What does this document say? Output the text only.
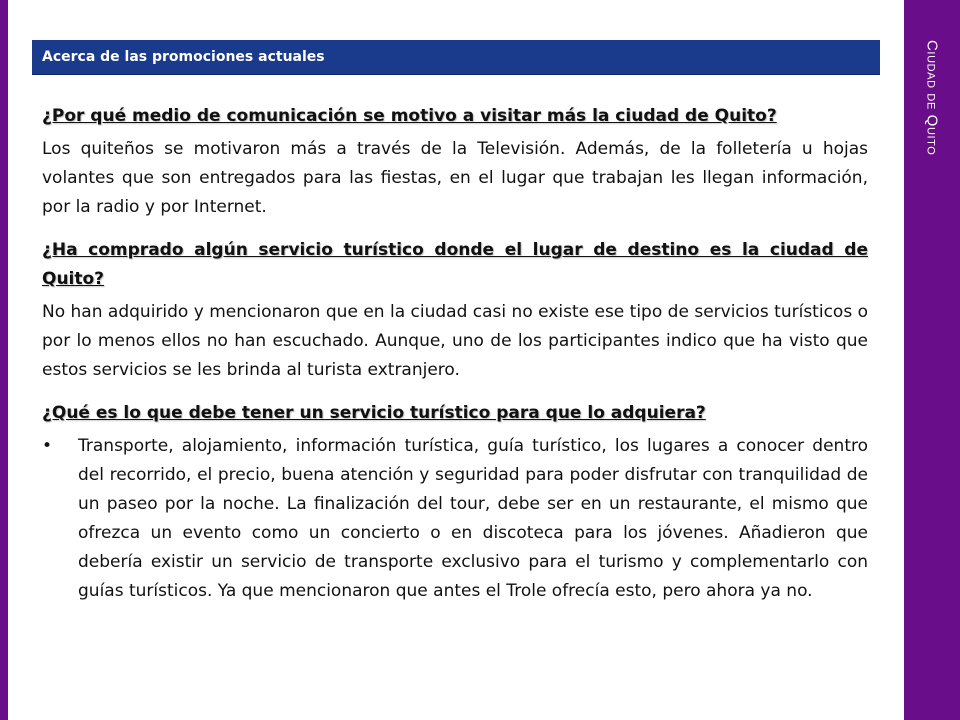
Ciudad de Quito
Acerca de las promociones actuales

¿Por qué medio de comunicación se motivo a visitar más la ciudad de Quito?

Los quiteños se motivaron más a través de la Televisión. Además, de la folletería u hojas volantes que son entregados para las fiestas, en el lugar que trabajan les llegan información, por la radio y por Internet.

¿Ha comprado algún servicio turístico donde el lugar de destino es la ciudad de Quito?

No han adquirido y mencionaron que en la ciudad casi no existe ese tipo de servicios turísticos o por lo menos ellos no han escuchado. Aunque, uno de los participantes indico que ha visto que estos servicios se les brinda al turista extranjero.

¿Qué es lo que debe tener un servicio turístico para que lo adquiera?

•	Transporte, alojamiento, información turística, guía turístico, los lugares a conocer dentro del recorrido, el precio, buena atención y seguridad para poder disfrutar con tranquilidad de un paseo por la noche. La finalización del tour, debe ser en un restaurante, el mismo que ofrezca un evento como un concierto o en discoteca para los jóvenes. Añadieron que debería existir un servicio de transporte exclusivo para el turismo y complementarlo con guías turísticos. Ya que mencionaron que antes el Trole ofrecía esto, pero ahora ya no.
